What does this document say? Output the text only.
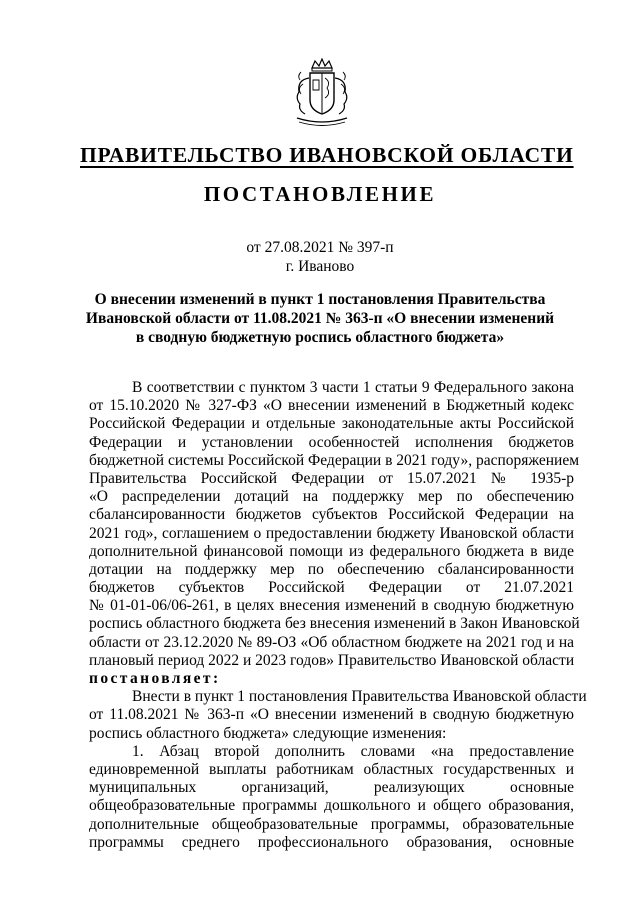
ПРАВИТЕЛЬСТВО ИВАНОВСКОЙ ОБЛАСТИ
ПОСТАНОВЛЕНИЕ
от 27.08.2021 № 397-п
г. Иваново
О внесении изменений в пункт 1 постановления Правительства
Ивановской области от 11.08.2021 № 363-п «О внесении изменений
в сводную бюджетную роспись областного бюджета»
В соответствии с пунктом 3 части 1 статьи 9 Федерального закона
от 15.10.2020 № 327-ФЗ «О внесении изменений в Бюджетный кодекс
Российской Федерации и отдельные законодательные акты Российской
Федерации и установлении особенностей исполнения бюджетов
бюджетной системы Российской Федерации в 2021 году», распоряжением
Правительства Российской Федерации от 15.07.2021 № 1935-р
«О распределении дотаций на поддержку мер по обеспечению
сбалансированности бюджетов субъектов Российской Федерации на
2021 год», соглашением о предоставлении бюджету Ивановской области
дополнительной финансовой помощи из федерального бюджета в виде
дотации на поддержку мер по обеспечению сбалансированности
бюджетов субъектов Российской Федерации от 21.07.2021
№ 01-01-06/06-261, в целях внесения изменений в сводную бюджетную
роспись областного бюджета без внесения изменений в Закон Ивановской
области от 23.12.2020 № 89-ОЗ «Об областном бюджете на 2021 год и на
плановый период 2022 и 2023 годов» Правительство Ивановской области
постановляет:
Внести в пункт 1 постановления Правительства Ивановской области
от 11.08.2021 № 363-п «О внесении изменений в сводную бюджетную
роспись областного бюджета» следующие изменения:
1. Абзац второй дополнить словами «на предоставление
единовременной выплаты работникам областных государственных и
муниципальных организаций, реализующих основные
общеобразовательные программы дошкольного и общего образования,
дополнительные общеобразовательные программы, образовательные
программы среднего профессионального образования, основные
